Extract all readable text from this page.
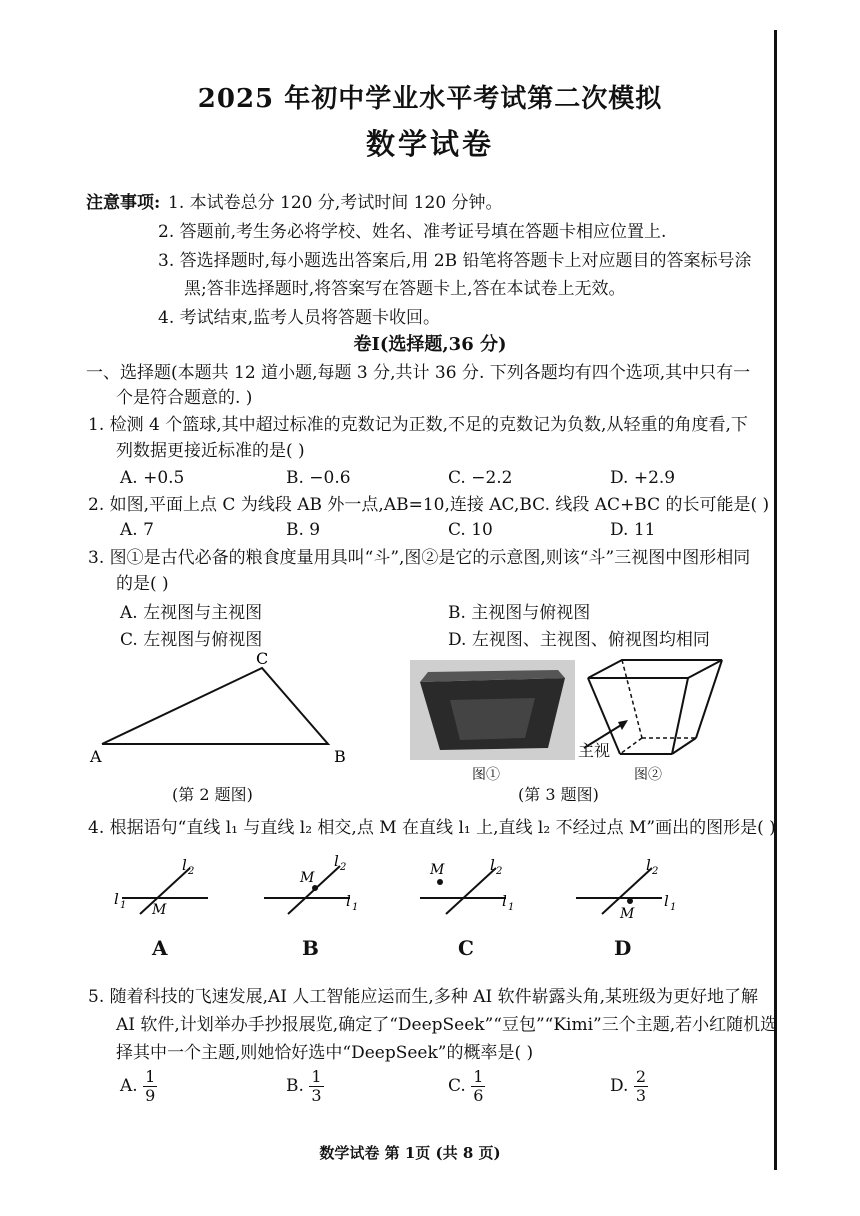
2025 年初中学业水平考试第二次模拟
数学试卷
注意事项: 1. 本试卷总分 120 分,考试时间 120 分钟。
2. 答题前,考生务必将学校、姓名、准考证号填在答题卡相应位置上.
3. 答选择题时,每小题选出答案后,用 2B 铅笔将答题卡上对应题目的答案标号涂
黑;答非选择题时,将答案写在答题卡上,答在本试卷上无效。
4. 考试结束,监考人员将答题卡收回。
卷Ⅰ(选择题,36 分)
一、选择题(本题共 12 道小题,每题 3 分,共计 36 分. 下列各题均有四个选项,其中只有一
个是符合题意的. )
1. 检测 4 个篮球,其中超过标准的克数记为正数,不足的克数记为负数,从轻重的角度看,下
列数据更接近标准的是( )
A. +0.5	B. −0.6	C. −2.2	D. +2.9
2. 如图,平面上点 C 为线段 AB 外一点,AB=10,连接 AC,BC. 线段 AC+BC 的长可能是( )
A. 7	B. 9	C. 10	D. 11
3. 图①是古代必备的粮食度量用具叫“斗”,图②是它的示意图,则该“斗”三视图中图形相同
的是( )
A. 左视图与主视图	B. 主视图与俯视图
C. 左视图与俯视图	D. 左视图、主视图、俯视图均相同
A
C
B
(第 2 题图)
图①
主视
图②
(第 3 题图)
4. 根据语句“直线 l₁ 与直线 l₂ 相交,点 M 在直线 l₁ 上,直线 l₂ 不经过点 M”画出的图形是( )
l 1
l 2
M
M
l 2
l 1
M	l 2
l 1	M
l 2
l 1
A	B	C	D
5. 随着科技的飞速发展,AI 人工智能应运而生,多种 AI 软件崭露头角,某班级为更好地了解
AI 软件,计划举办手抄报展览,确定了“DeepSeek”“豆包”“Kimi”三个主题,若小红随机选
择其中一个主题,则她恰好选中“DeepSeek”的概率是( )
A. $\frac{1}{9}$	B. $\frac{1}{3}$	C. $\frac{1}{6}$	D. $\frac{2}{3}$
数学试卷 第 1页 (共 8 页)
